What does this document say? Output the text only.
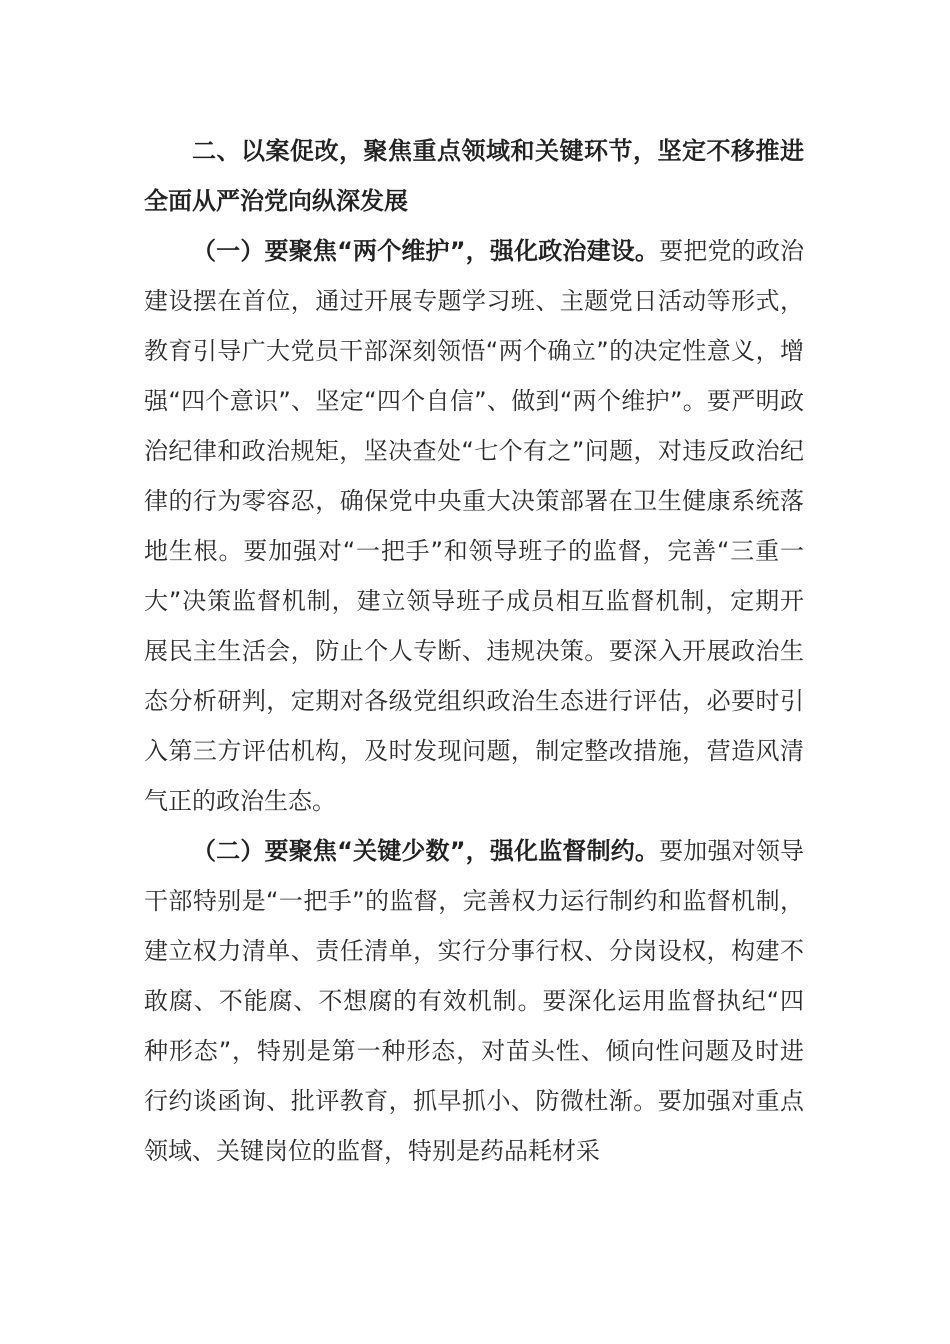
二、以案促改，聚焦重点领域和关键环节，坚定不移推进全面从严治党向纵深发展

（一）要聚焦“两个维护”，强化政治建设。要把党的政治建设摆在首位，通过开展专题学习班、主题党日活动等形式，教育引导广大党员干部深刻领悟“两个确立”的决定性意义，增强“四个意识”、坚定“四个自信”、做到“两个维护”。要严明政治纪律和政治规矩，坚决查处“七个有之”问题，对违反政治纪律的行为零容忍，确保党中央重大决策部署在卫生健康系统落地生根。要加强对“一把手”和领导班子的监督，完善“三重一大”决策监督机制，建立领导班子成员相互监督机制，定期开展民主生活会，防止个人专断、违规决策。要深入开展政治生态分析研判，定期对各级党组织政治生态进行评估，必要时引入第三方评估机构，及时发现问题，制定整改措施，营造风清气正的政治生态。

（二）要聚焦“关键少数”，强化监督制约。要加强对领导干部特别是“一把手”的监督，完善权力运行制约和监督机制，建立权力清单、责任清单，实行分事行权、分岗设权，构建不敢腐、不能腐、不想腐的有效机制。要深化运用监督执纪“四种形态”，特别是第一种形态，对苗头性、倾向性问题及时进行约谈函询、批评教育，抓早抓小、防微杜渐。要加强对重点领域、关键岗位的监督，特别是药品耗材采
